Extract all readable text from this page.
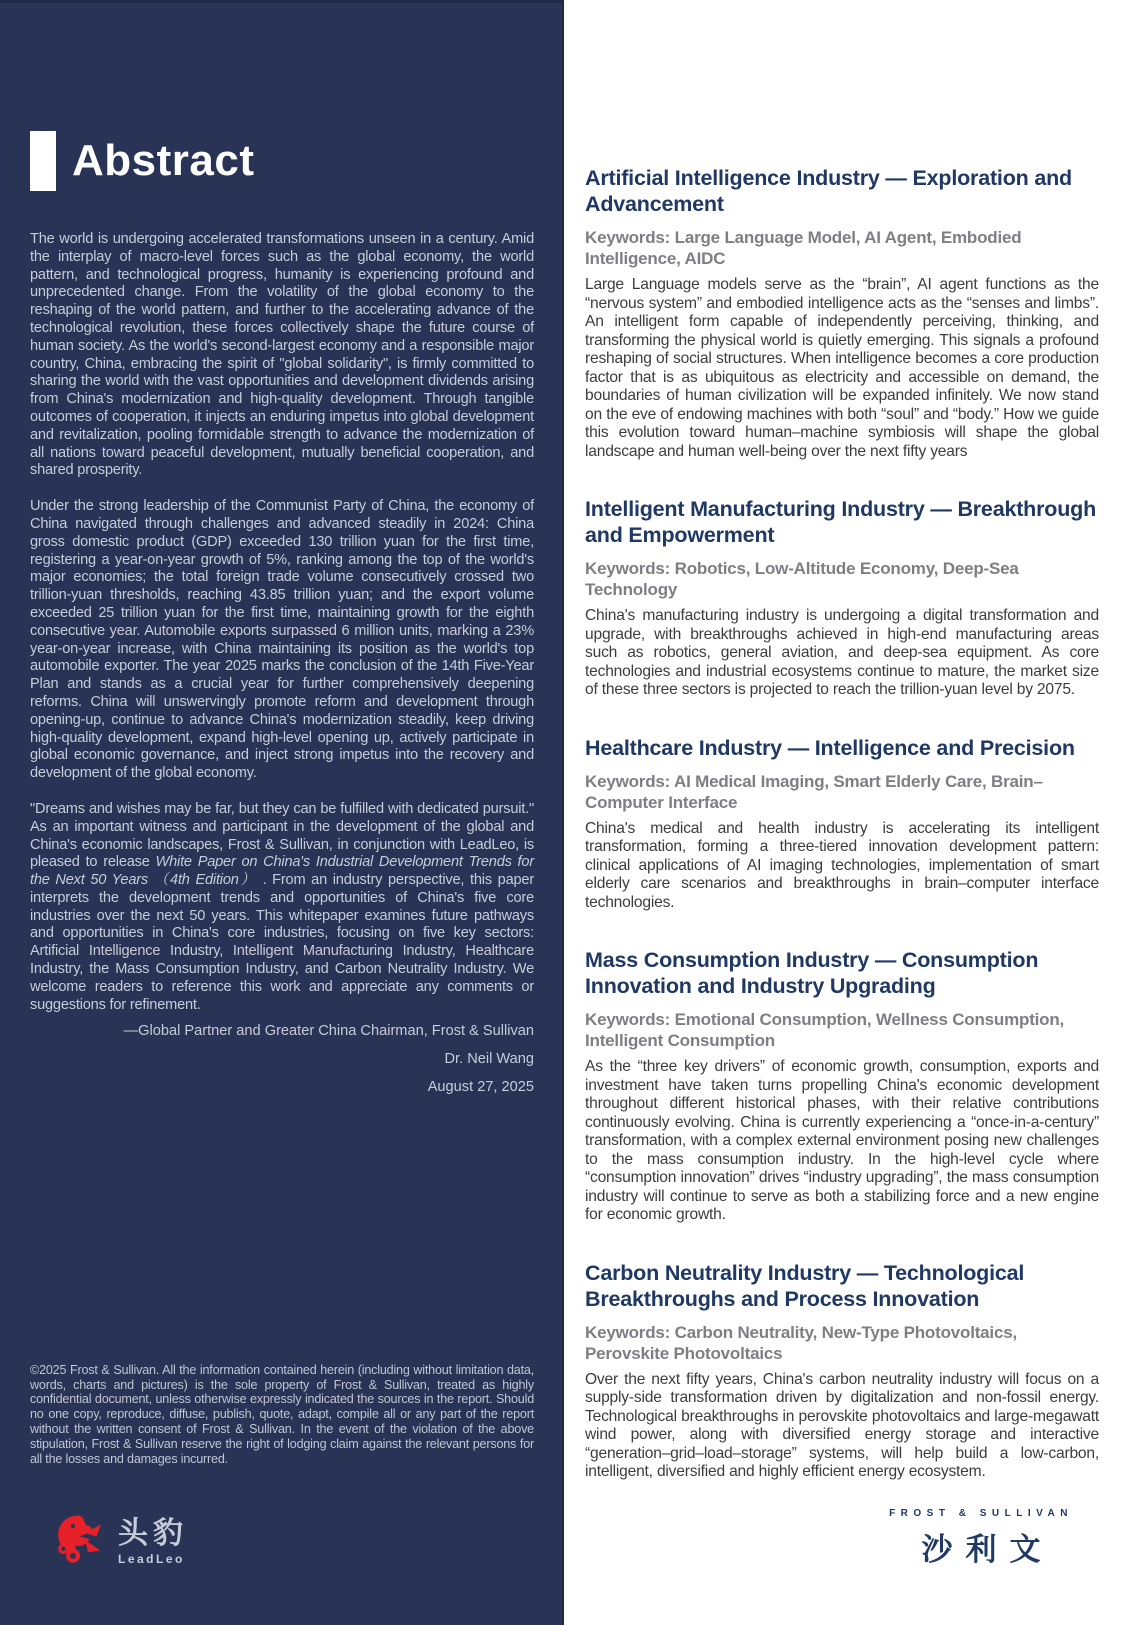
Abstract

The world is undergoing accelerated transformations unseen in a century. Amid the interplay of macro-level forces such as the global economy, the world pattern, and technological progress, humanity is experiencing profound and unprecedented change. From the volatility of the global economy to the reshaping of the world pattern, and further to the accelerating advance of the technological revolution, these forces collectively shape the future course of human society. As the world's second-largest economy and a responsible major country, China, embracing the spirit of "global solidarity", is firmly committed to sharing the world with the vast opportunities and development dividends arising from China's modernization and high-quality development. Through tangible outcomes of cooperation, it injects an enduring impetus into global development and revitalization, pooling formidable strength to advance the modernization of all nations toward peaceful development, mutually beneficial cooperation, and shared prosperity.

Under the strong leadership of the Communist Party of China, the economy of China navigated through challenges and advanced steadily in 2024: China gross domestic product (GDP) exceeded 130 trillion yuan for the first time, registering a year-on-year growth of 5%, ranking among the top of the world's major economies; the total foreign trade volume consecutively crossed two trillion-yuan thresholds, reaching 43.85 trillion yuan; and the export volume exceeded 25 trillion yuan for the first time, maintaining growth for the eighth consecutive year. Automobile exports surpassed 6 million units, marking a 23% year-on-year increase, with China maintaining its position as the world's top automobile exporter. The year 2025 marks the conclusion of the 14th Five-Year Plan and stands as a crucial year for further comprehensively deepening reforms. China will unswervingly promote reform and development through opening-up, continue to advance China's modernization steadily, keep driving high-quality development, expand high-level opening up, actively participate in global economic governance, and inject strong impetus into the recovery and development of the global economy.

"Dreams and wishes may be far, but they can be fulfilled with dedicated pursuit." As an important witness and participant in the development of the global and China's economic landscapes, Frost & Sullivan, in conjunction with LeadLeo, is pleased to release White Paper on China's Industrial Development Trends for the Next 50 Years （4th Edition） . From an industry perspective, this paper interprets the development trends and opportunities of China's five core industries over the next 50 years. This whitepaper examines future pathways and opportunities in China's core industries, focusing on five key sectors: Artificial Intelligence Industry, Intelligent Manufacturing Industry, Healthcare Industry, the Mass Consumption Industry, and Carbon Neutrality Industry. We welcome readers to reference this work and appreciate any comments or suggestions for refinement.

—Global Partner and Greater China Chairman, Frost & Sullivan

Dr. Neil Wang

August 27, 2025

©2025 Frost & Sullivan. All the information contained herein (including without limitation data, words, charts and pictures) is the sole property of Frost & Sullivan, treated as highly confidential document, unless otherwise expressly indicated the sources in the report. Should no one copy, reproduce, diffuse, publish, quote, adapt, compile all or any part of the report without the written consent of Frost & Sullivan. In the event of the violation of the above stipulation, Frost & Sullivan reserve the right of lodging claim against the relevant persons for all the losses and damages incurred.

头豹
LeadLeo
Artificial Intelligence Industry — Exploration and Advancement

Keywords: Large Language Model, AI Agent, Embodied Intelligence, AIDC

Large Language models serve as the “brain”, AI agent functions as the “nervous system” and embodied intelligence acts as the “senses and limbs”. An intelligent form capable of independently perceiving, thinking, and transforming the physical world is quietly emerging. This signals a profound reshaping of social structures. When intelligence becomes a core production factor that is as ubiquitous as electricity and accessible on demand, the boundaries of human civilization will be expanded infinitely. We now stand on the eve of endowing machines with both “soul” and “body.” How we guide this evolution toward human–machine symbiosis will shape the global landscape and human well-being over the next fifty years

Intelligent Manufacturing Industry — Breakthrough and Empowerment

Keywords: Robotics, Low-Altitude Economy, Deep-Sea Technology

China's manufacturing industry is undergoing a digital transformation and upgrade, with breakthroughs achieved in high-end manufacturing areas such as robotics, general aviation, and deep-sea equipment. As core technologies and industrial ecosystems continue to mature, the market size of these three sectors is projected to reach the trillion-yuan level by 2075.

Healthcare Industry — Intelligence and Precision

Keywords: AI Medical Imaging, Smart Elderly Care, Brain–Computer Interface

China's medical and health industry is accelerating its intelligent transformation, forming a three-tiered innovation development pattern: clinical applications of AI imaging technologies, implementation of smart elderly care scenarios and breakthroughs in brain–computer interface technologies.

Mass Consumption Industry — Consumption Innovation and Industry Upgrading

Keywords: Emotional Consumption, Wellness Consumption, Intelligent Consumption

As the “three key drivers” of economic growth, consumption, exports and investment have taken turns propelling China's economic development throughout different historical phases, with their relative contributions continuously evolving. China is currently experiencing a “once-in-a-century” transformation, with a complex external environment posing new challenges to the mass consumption industry. In the high-level cycle where “consumption innovation” drives “industry upgrading”, the mass consumption industry will continue to serve as both a stabilizing force and a new engine for economic growth.

Carbon Neutrality Industry — Technological Breakthroughs and Process Innovation

Keywords: Carbon Neutrality, New-Type Photovoltaics, Perovskite Photovoltaics

Over the next fifty years, China's carbon neutrality industry will focus on a supply-side transformation driven by digitalization and non-fossil energy. Technological breakthroughs in perovskite photovoltaics and large-megawatt wind power, along with diversified energy storage and interactive “generation–grid–load–storage” systems, will help build a low-carbon, intelligent, diversified and highly efficient energy ecosystem.

FROST & SULLIVAN
沙利文
